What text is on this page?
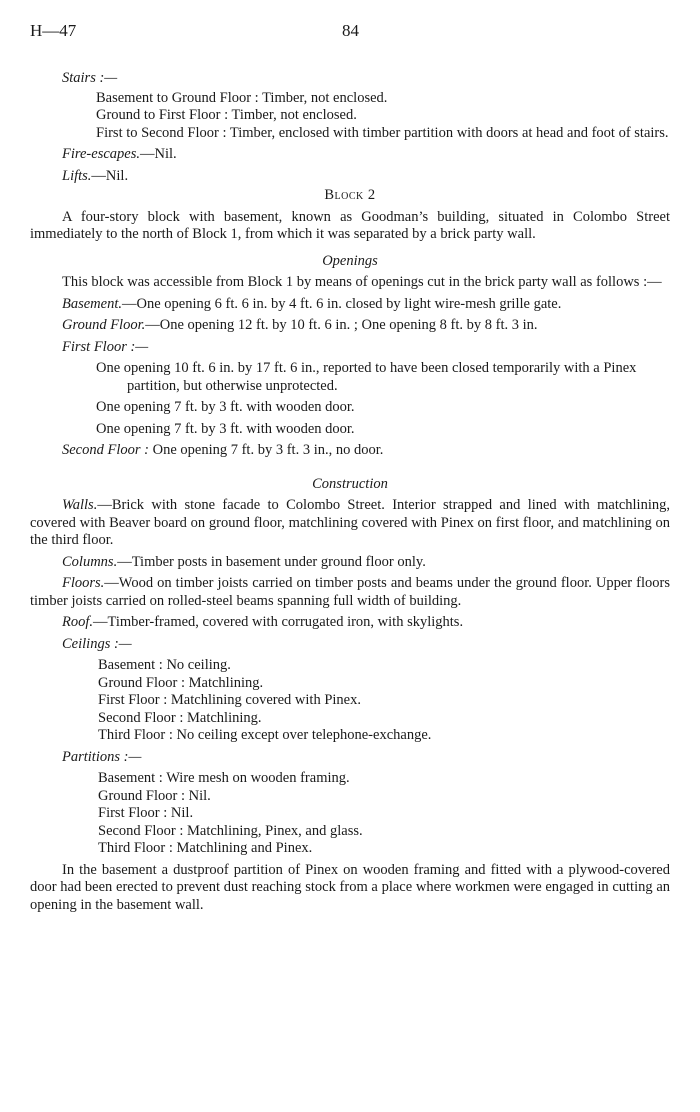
H—47	84

Stairs :—

Basement to Ground Floor : Timber, not enclosed.

Ground to First Floor : Timber, not enclosed.

First to Second Floor : Timber, enclosed with timber partition with doors at head and foot of stairs.

Fire-escapes.—Nil.

Lifts.—Nil.

Block 2

A four-story block with basement, known as Goodman’s building, situated in Colombo Street immediately to the north of Block 1, from which it was separated by a brick party wall.

Openings

This block was accessible from Block 1 by means of openings cut in the brick party wall as follows :—

Basement.—One opening 6 ft. 6 in. by 4 ft. 6 in. closed by light wire-mesh grille gate.

Ground Floor.—One opening 12 ft. by 10 ft. 6 in. ; One opening 8 ft. by 8 ft. 3 in.

First Floor :—

One opening 10 ft. 6 in. by 17 ft. 6 in., reported to have been closed temporarily with a Pinex partition, but otherwise unprotected.

One opening 7 ft. by 3 ft. with wooden door.

One opening 7 ft. by 3 ft. with wooden door.

Second Floor : One opening 7 ft. by 3 ft. 3 in., no door.

Construction

Walls.—Brick with stone facade to Colombo Street. Interior strapped and lined with matchlining, covered with Beaver board on ground floor, matchlining covered with Pinex on first floor, and matchlining on the third floor.

Columns.—Timber posts in basement under ground floor only.

Floors.—Wood on timber joists carried on timber posts and beams under the ground floor. Upper floors timber joists carried on rolled-steel beams spanning full width of building.

Roof.—Timber-framed, covered with corrugated iron, with skylights.

Ceilings :—

Basement : No ceiling.

Ground Floor : Matchlining.

First Floor : Matchlining covered with Pinex.

Second Floor : Matchlining.

Third Floor : No ceiling except over telephone-exchange.

Partitions :—

Basement : Wire mesh on wooden framing.

Ground Floor : Nil.

First Floor : Nil.

Second Floor : Matchlining, Pinex, and glass.

Third Floor : Matchlining and Pinex.

In the basement a dustproof partition of Pinex on wooden framing and fitted with a plywood-covered door had been erected to prevent dust reaching stock from a place where workmen were engaged in cutting an opening in the basement wall.
